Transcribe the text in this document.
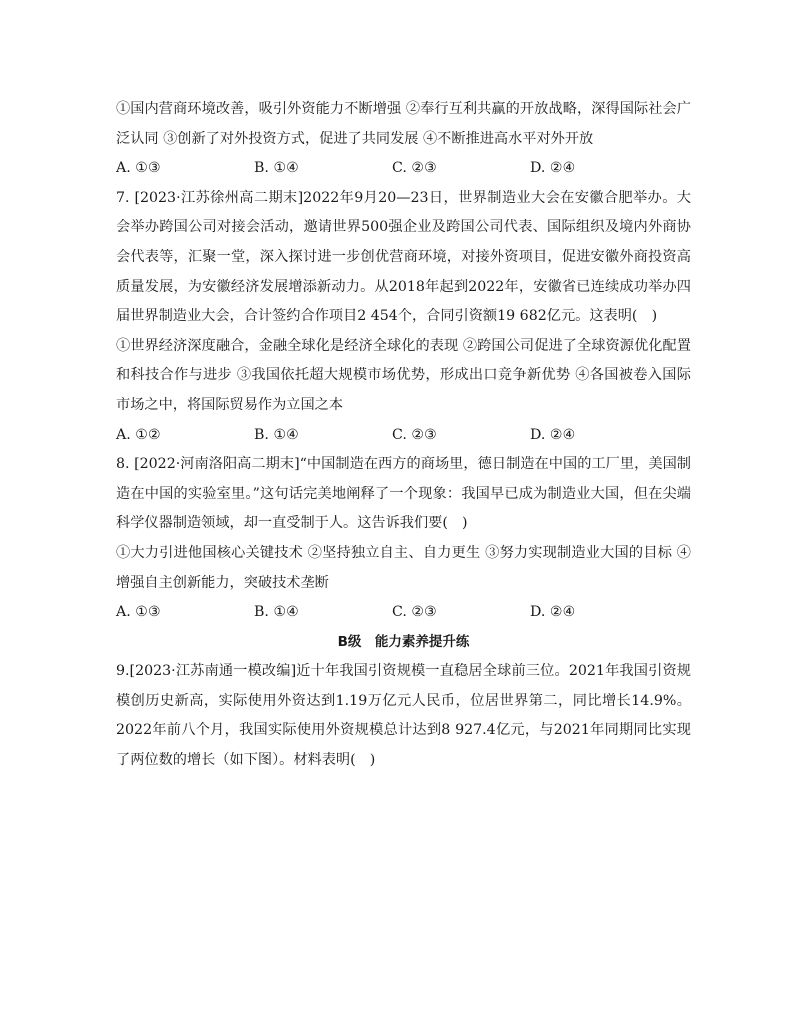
①国内营商环境改善，吸引外资能力不断增强 ②奉行互利共赢的开放战略，深得国际社会广泛认同 ③创新了对外投资方式，促进了共同发展 ④不断推进高水平对外开放

A. ①③	B. ①④	C. ②③	D. ②④

7. [2023·江苏徐州高二期末]2022年9月20—23日，世界制造业大会在安徽合肥举办。大会举办跨国公司对接会活动，邀请世界500强企业及跨国公司代表、国际组织及境内外商协会代表等，汇聚一堂，深入探讨进一步创优营商环境，对接外资项目，促进安徽外商投资高质量发展，为安徽经济发展增添新动力。从2018年起到2022年，安徽省已连续成功举办四届世界制造业大会，合计签约合作项目2 454个，合同引资额19 682亿元。这表明(　)

①世界经济深度融合，金融全球化是经济全球化的表现 ②跨国公司促进了全球资源优化配置和科技合作与进步 ③我国依托超大规模市场优势，形成出口竞争新优势 ④各国被卷入国际市场之中，将国际贸易作为立国之本

A. ①②	B. ①④	C. ②③	D. ②④

8. [2022·河南洛阳高二期末]“中国制造在西方的商场里，德日制造在中国的工厂里，美国制造在中国的实验室里。”这句话完美地阐释了一个现象：我国早已成为制造业大国，但在尖端科学仪器制造领域，却一直受制于人。这告诉我们要(　)

①大力引进他国核心关键技术 ②坚持独立自主、自力更生 ③努力实现制造业大国的目标 ④增强自主创新能力，突破技术垄断

A. ①③	B. ①④	C. ②③	D. ②④

B级　能力素养提升练

9.[2023·江苏南通一模改编]近十年我国引资规模一直稳居全球前三位。2021年我国引资规模创历史新高，实际使用外资达到1.19万亿元人民币，位居世界第二，同比增长14.9%。2022年前八个月，我国实际使用外资规模总计达到8 927.4亿元，与2021年同期同比实现了两位数的增长（如下图）。材料表明(　)
